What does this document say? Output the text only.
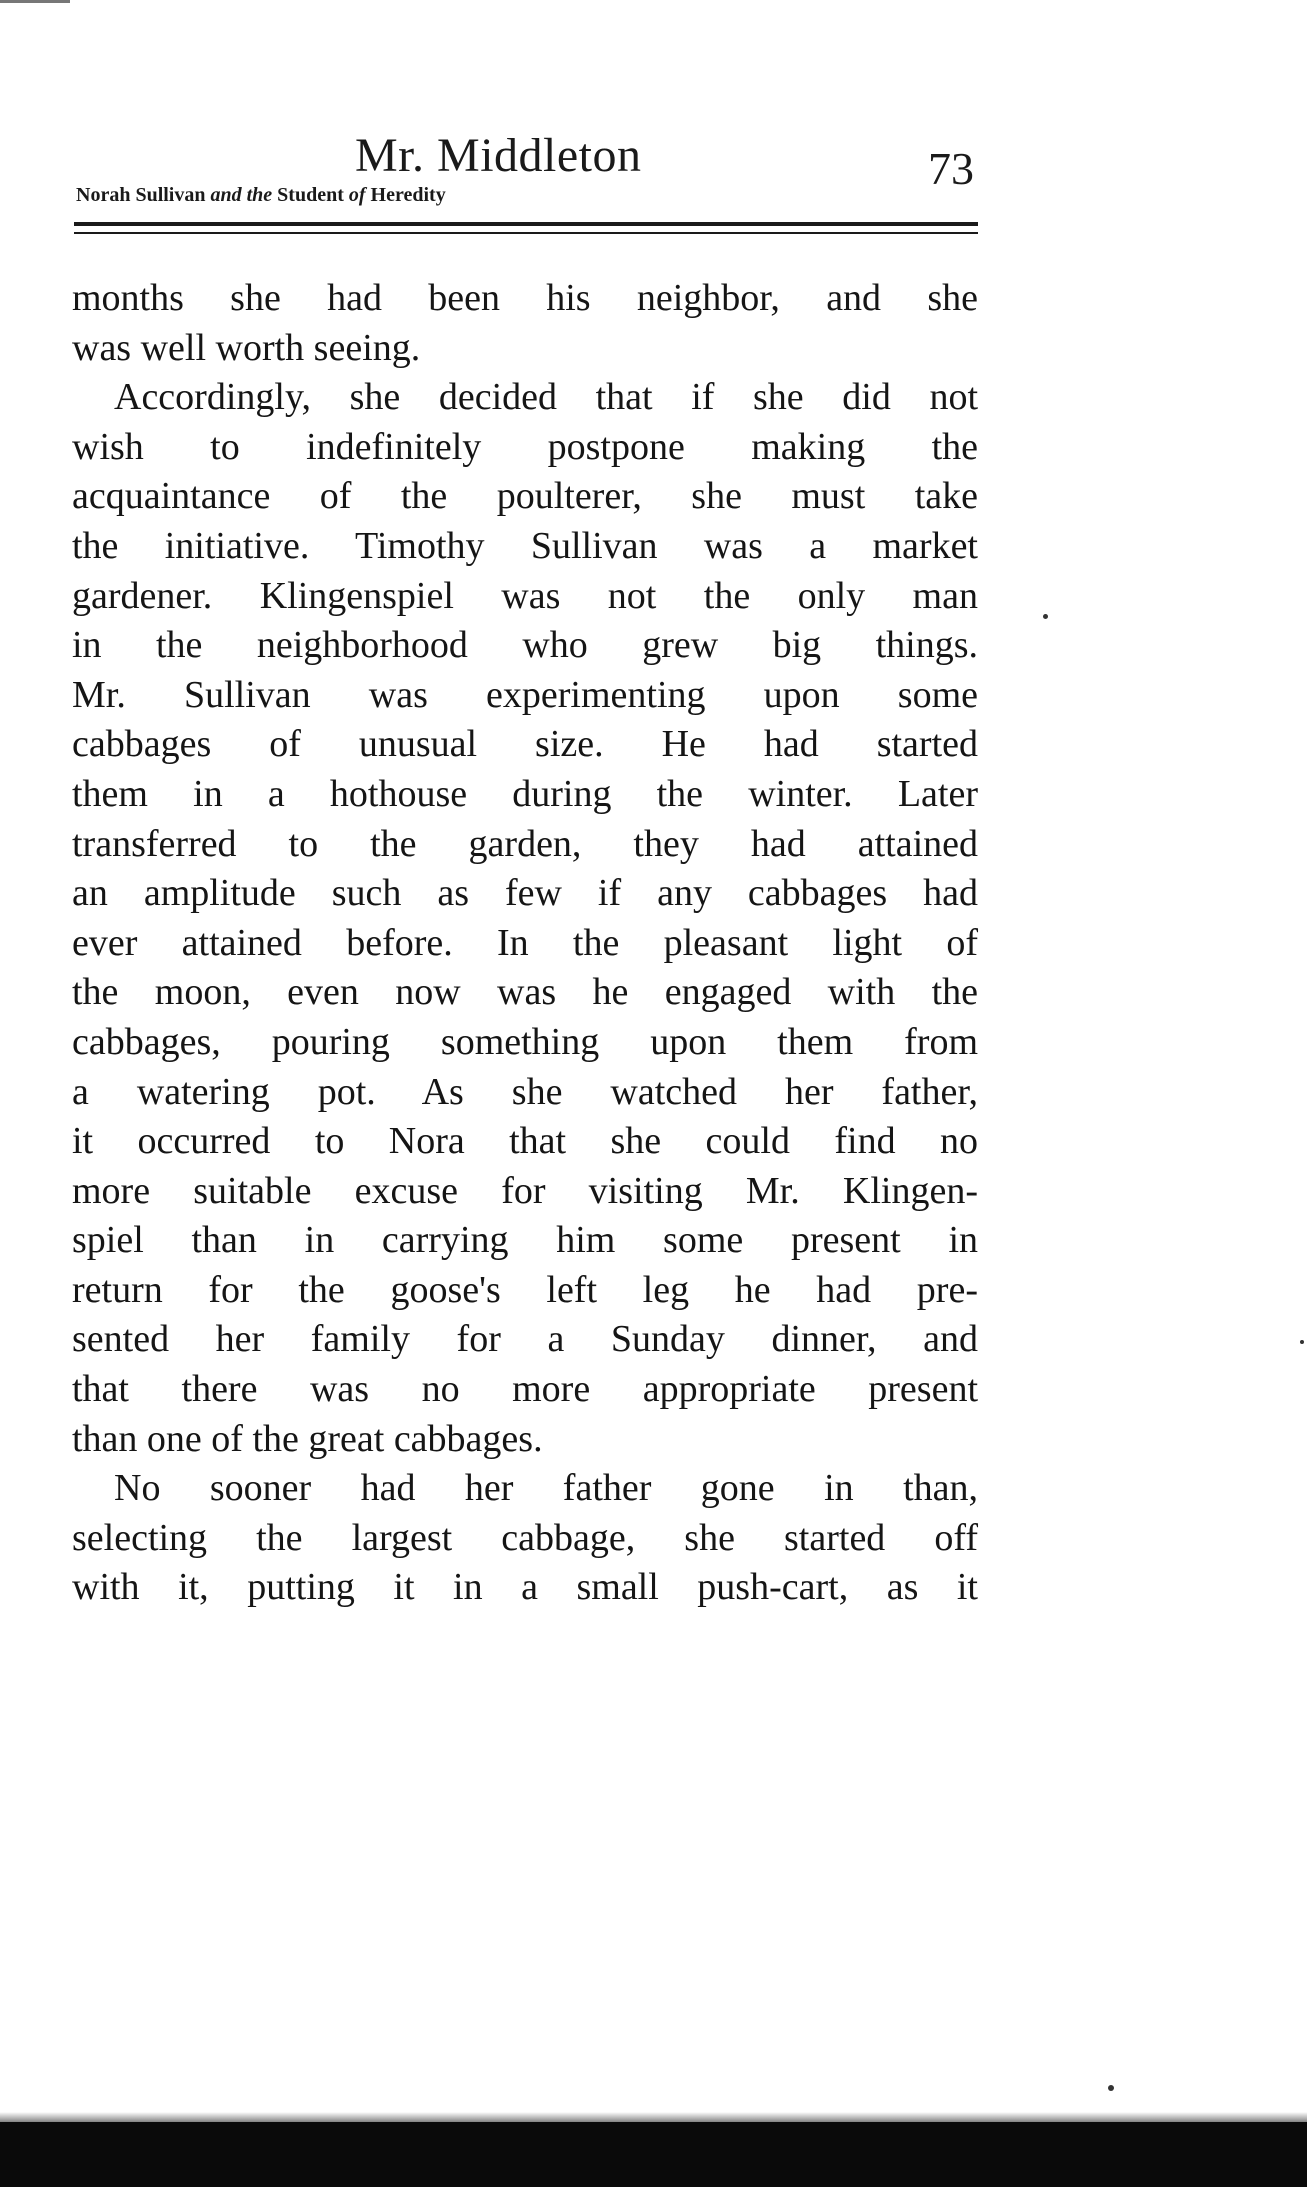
Mr. Middleton	73
Norah Sullivan and the Student of Heredity
months she had been his neighbor, and she
was well worth seeing.
Accordingly, she decided that if she did not
wish to indefinitely postpone making the
acquaintance of the poulterer, she must take
the initiative. Timothy Sullivan was a market
gardener. Klingenspiel was not the only man
in the neighborhood who grew big things.
Mr. Sullivan was experimenting upon some
cabbages of unusual size. He had started
them in a hothouse during the winter. Later
transferred to the garden, they had attained
an amplitude such as few if any cabbages had
ever attained before. In the pleasant light of
the moon, even now was he engaged with the
cabbages, pouring something upon them from
a watering pot. As she watched her father,
it occurred to Nora that she could find no
more suitable excuse for visiting Mr. Klingen-
spiel than in carrying him some present in
return for the goose's left leg he had pre-
sented her family for a Sunday dinner, and
that there was no more appropriate present
than one of the great cabbages.
No sooner had her father gone in than,
selecting the largest cabbage, she started off
with it, putting it in a small push-cart, as it
